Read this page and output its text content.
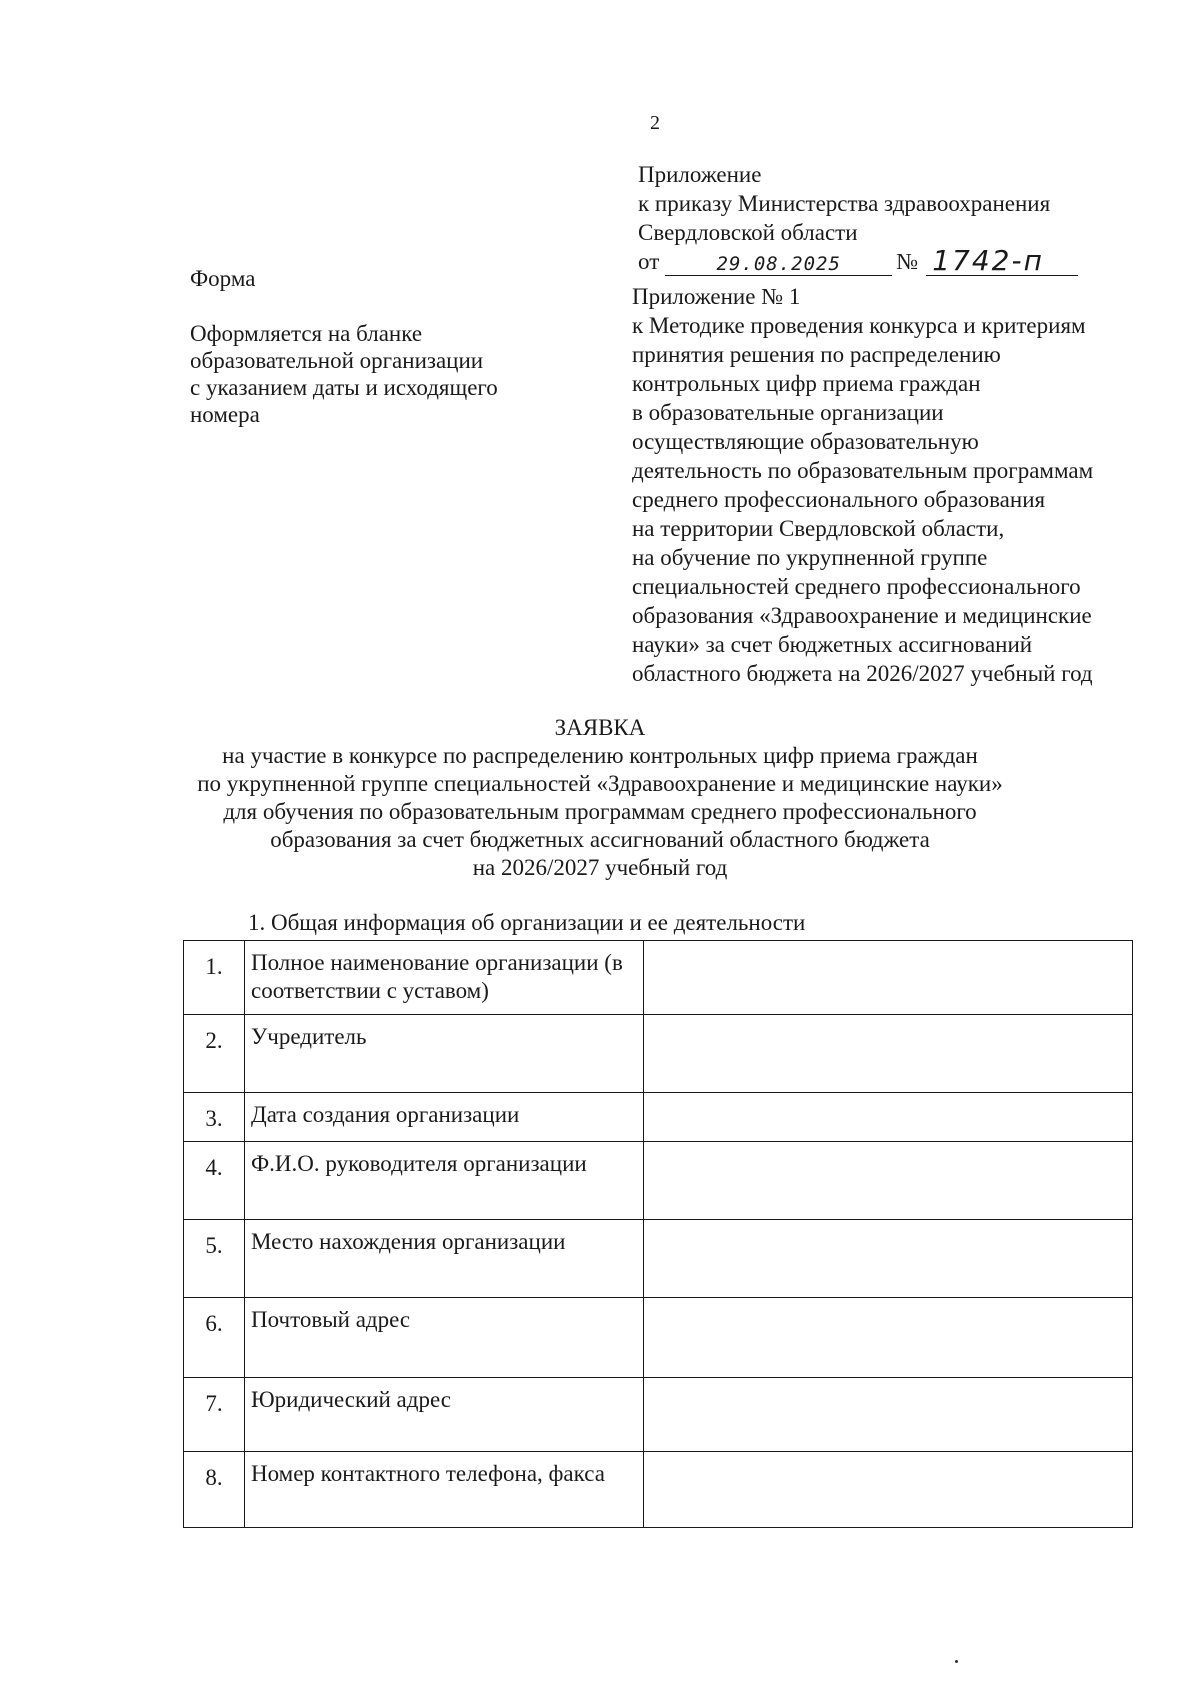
2
Приложение
к приказу Министерства здравоохранения
Свердловской области
от	29.08.2025	№ 1742-п
Приложение № 1
к Методике проведения конкурса и критериям
принятия решения по распределению
контрольных цифр приема граждан
в образовательные организации
осуществляющие образовательную
деятельность по образовательным программам
среднего профессионального образования
на территории Свердловской области,
на обучение по укрупненной группе
специальностей среднего профессионального
образования «Здравоохранение и медицинские
науки» за счет бюджетных ассигнований
областного бюджета на 2026/2027 учебный год
Форма
Оформляется на бланке
образовательной организации
с указанием даты и исходящего
номера
ЗАЯВКА
на участие в конкурсе по распределению контрольных цифр приема граждан
по укрупненной группе специальностей «Здравоохранение и медицинские науки»
для обучения по образовательным программам среднего профессионального
образования за счет бюджетных ассигнований областного бюджета
на 2026/2027 учебный год
1. Общая информация об организации и ее деятельности
1.	Полное наименование организации (в соответствии с уставом)	
2.	Учредитель	
3.	Дата создания организации	
4.	Ф.И.О. руководителя организации	
5.	Место нахождения организации	
6.	Почтовый адрес	
7.	Юридический адрес	
8.	Номер контактного телефона, факса	
